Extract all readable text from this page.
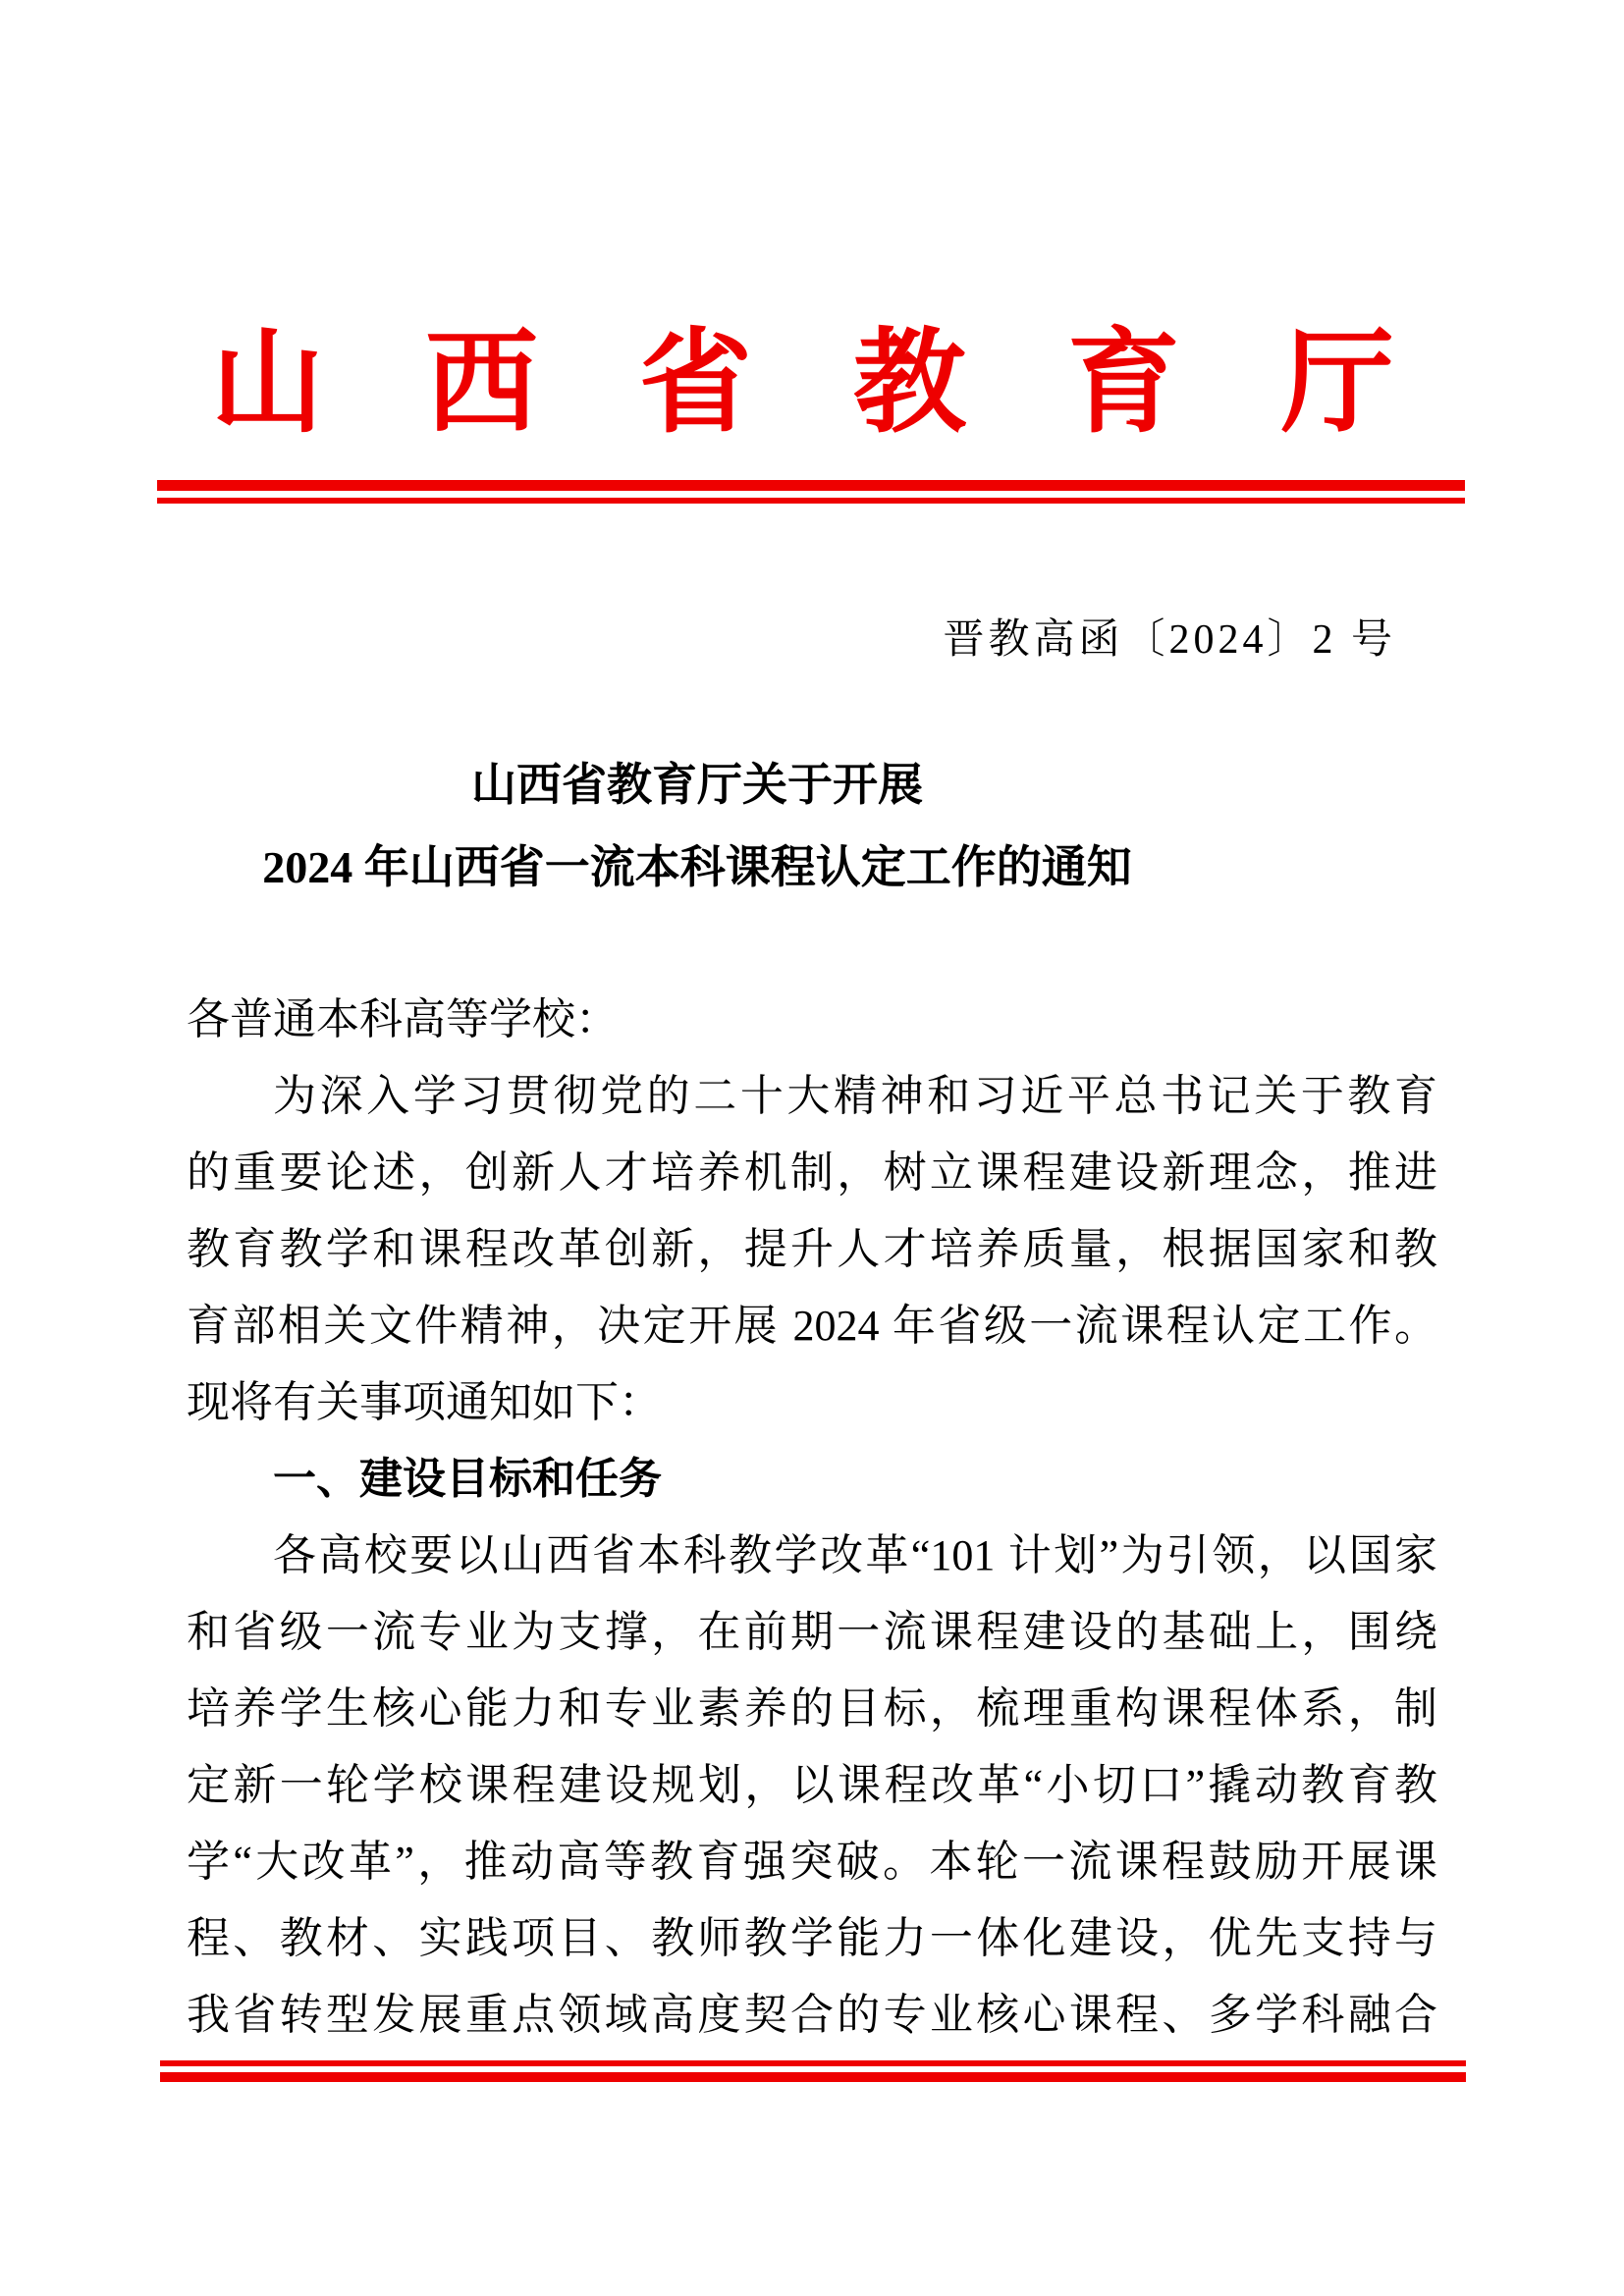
山 西 省 教 育 厅
晋教高函〔2024〕2 号
山西省教育厅关于开展
2024 年山西省一流本科课程认定工作的通知
各普通本科高等学校：
为深入学习贯彻党的二十大精神和习近平总书记关于教育
的重要论述，创新人才培养机制，树立课程建设新理念，推进
教育教学和课程改革创新，提升人才培养质量，根据国家和教
育部相关文件精神，决定开展 2024 年省级一流课程认定工作。
现将有关事项通知如下：
一、建设目标和任务
各高校要以山西省本科教学改革“101 计划”为引领，以国家
和省级一流专业为支撑，在前期一流课程建设的基础上，围绕
培养学生核心能力和专业素养的目标，梳理重构课程体系，制
定新一轮学校课程建设规划，以课程改革“小切口”撬动教育教
学“大改革”，推动高等教育强突破。本轮一流课程鼓励开展课
程、教材、实践项目、教师教学能力一体化建设，优先支持与
我省转型发展重点领域高度契合的专业核心课程、多学科融合
